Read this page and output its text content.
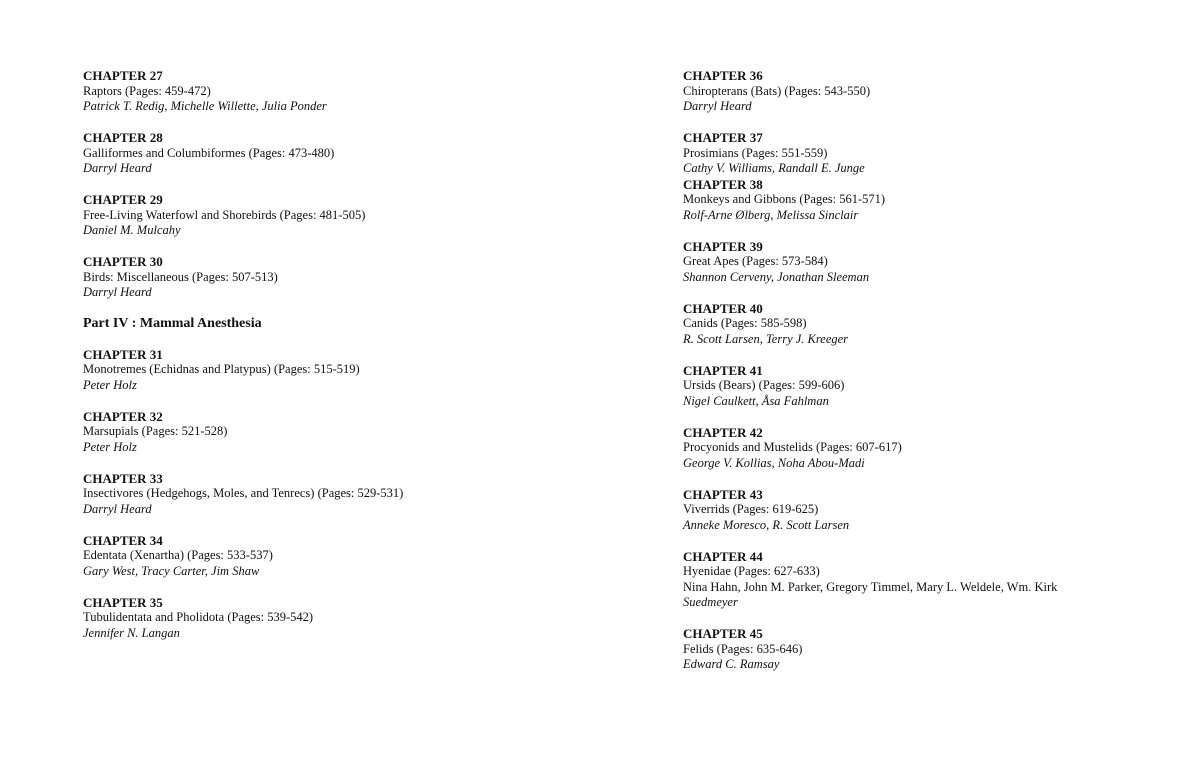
CHAPTER 27
Raptors (Pages: 459-472)
Patrick T. Redig, Michelle Willette, Julia Ponder
CHAPTER 28
Galliformes and Columbiformes (Pages: 473-480)
Darryl Heard
CHAPTER 29
Free-Living Waterfowl and Shorebirds (Pages: 481-505)
Daniel M. Mulcahy
CHAPTER 30
Birds: Miscellaneous (Pages: 507-513)
Darryl Heard
Part IV : Mammal Anesthesia
CHAPTER 31
Monotremes (Echidnas and Platypus) (Pages: 515-519)
Peter Holz
CHAPTER 32
Marsupials (Pages: 521-528)
Peter Holz
CHAPTER 33
Insectivores (Hedgehogs, Moles, and Tenrecs) (Pages: 529-531)
Darryl Heard
CHAPTER 34
Edentata (Xenartha) (Pages: 533-537)
Gary West, Tracy Carter, Jim Shaw
CHAPTER 35
Tubulidentata and Pholidota (Pages: 539-542)
Jennifer N. Langan
CHAPTER 36
Chiropterans (Bats) (Pages: 543-550)
Darryl Heard
CHAPTER 37
Prosimians (Pages: 551-559)
Cathy V. Williams, Randall E. Junge
CHAPTER 38
Monkeys and Gibbons (Pages: 561-571)
Rolf-Arne Ølberg, Melissa Sinclair
CHAPTER 39
Great Apes (Pages: 573-584)
Shannon Cerveny, Jonathan Sleeman
CHAPTER 40
Canids (Pages: 585-598)
R. Scott Larsen, Terry J. Kreeger
CHAPTER 41
Ursids (Bears) (Pages: 599-606)
Nigel Caulkett, Åsa Fahlman
CHAPTER 42
Procyonids and Mustelids (Pages: 607-617)
George V. Kollias, Noha Abou-Madi
CHAPTER 43
Viverrids (Pages: 619-625)
Anneke Moresco, R. Scott Larsen
CHAPTER 44
Hyenidae (Pages: 627-633)
Nina Hahn, John M. Parker, Gregory Timmel, Mary L. Weldele, Wm. Kirk
Suedmeyer
CHAPTER 45
Felids (Pages: 635-646)
Edward C. Ramsay
